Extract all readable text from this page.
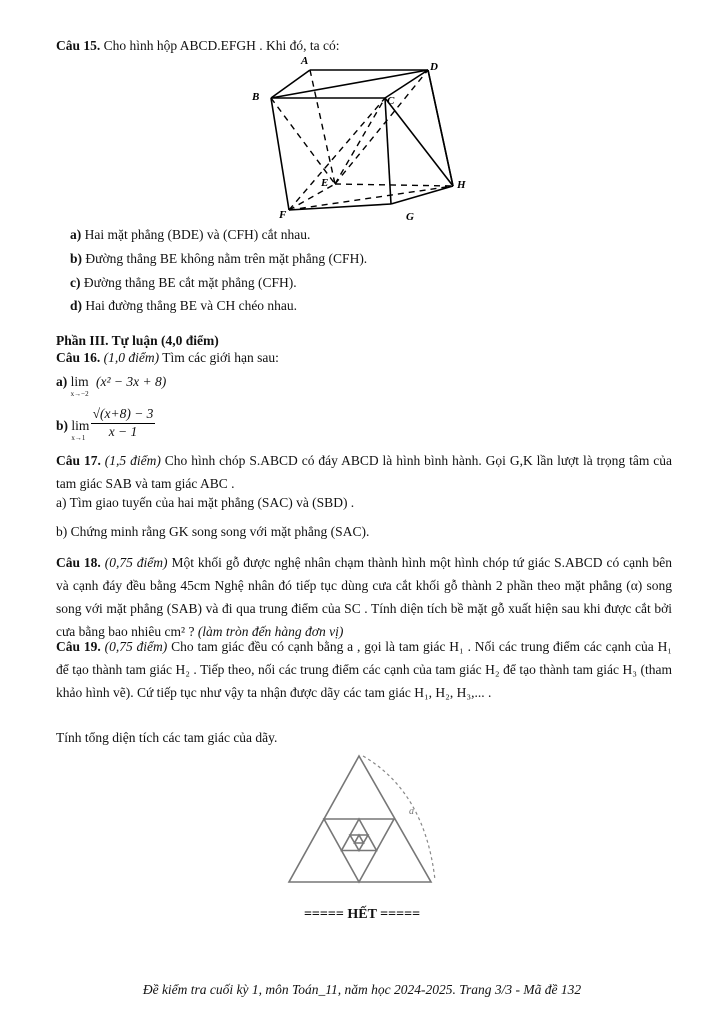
Câu 15. Cho hình hộp ABCD.EFGH . Khi đó, ta có:
A	D
B	C
E	H
F	G
a) Hai mặt phẳng (BDE) và (CFH) cắt nhau.
b) Đường thẳng BE không nằm trên mặt phẳng (CFH).
c) Đường thẳng BE cắt mặt phẳng (CFH).
d) Hai đường thẳng BE và CH chéo nhau.
Phần III. Tự luận (4,0 điểm)
Câu 16. (1,0 điểm) Tìm các giới hạn sau:
a) lim
x→−2
(x² − 3x + 8)
b) lim
$x\to 1 \frac{√(x+8) - 3}{x - 1}$
Câu 17. (1,5 điểm) Cho hình chóp S.ABCD có đáy ABCD là hình bình hành. Gọi G,K lần lượt là trọng tâm của tam giác SAB và tam giác ABC .
a) Tìm giao tuyến của hai mặt phẳng (SAC) và (SBD) .
b) Chứng minh rằng GK song song với mặt phẳng (SAC).
Câu 18. (0,75 điểm) Một khối gỗ được nghệ nhân chạm thành hình một hình chóp tứ giác S.ABCD có cạnh bên và cạnh đáy đều bằng 45cm Nghệ nhân đó tiếp tục dùng cưa cắt khối gỗ thành 2 phần theo mặt phẳng (α) song song với mặt phẳng (SAB) và đi qua trung điểm của SC . Tính diện tích bề mặt gỗ xuất hiện sau khi được cắt bởi cưa bằng bao nhiêu cm² ? (làm tròn đến hàng đơn vị)
Câu 19. (0,75 điểm) Cho tam giác đều có cạnh bằng a , gọi là tam giác H₁ . Nối các trung điểm các cạnh của H₁ để tạo thành tam giác H₂ . Tiếp theo, nối các trung điểm các cạnh của tam giác H₂ để tạo thành tam giác H₃ (tham khảo hình vẽ). Cứ tiếp tục như vậy ta nhận được dãy các tam giác H₁, H₂, H₃,... .
Tính tổng diện tích các tam giác của dãy.
a
===== HẾT =====
Đề kiểm tra cuối kỳ 1, môn Toán_11, năm học 2024-2025. Trang 3/3 - Mã đề 132
